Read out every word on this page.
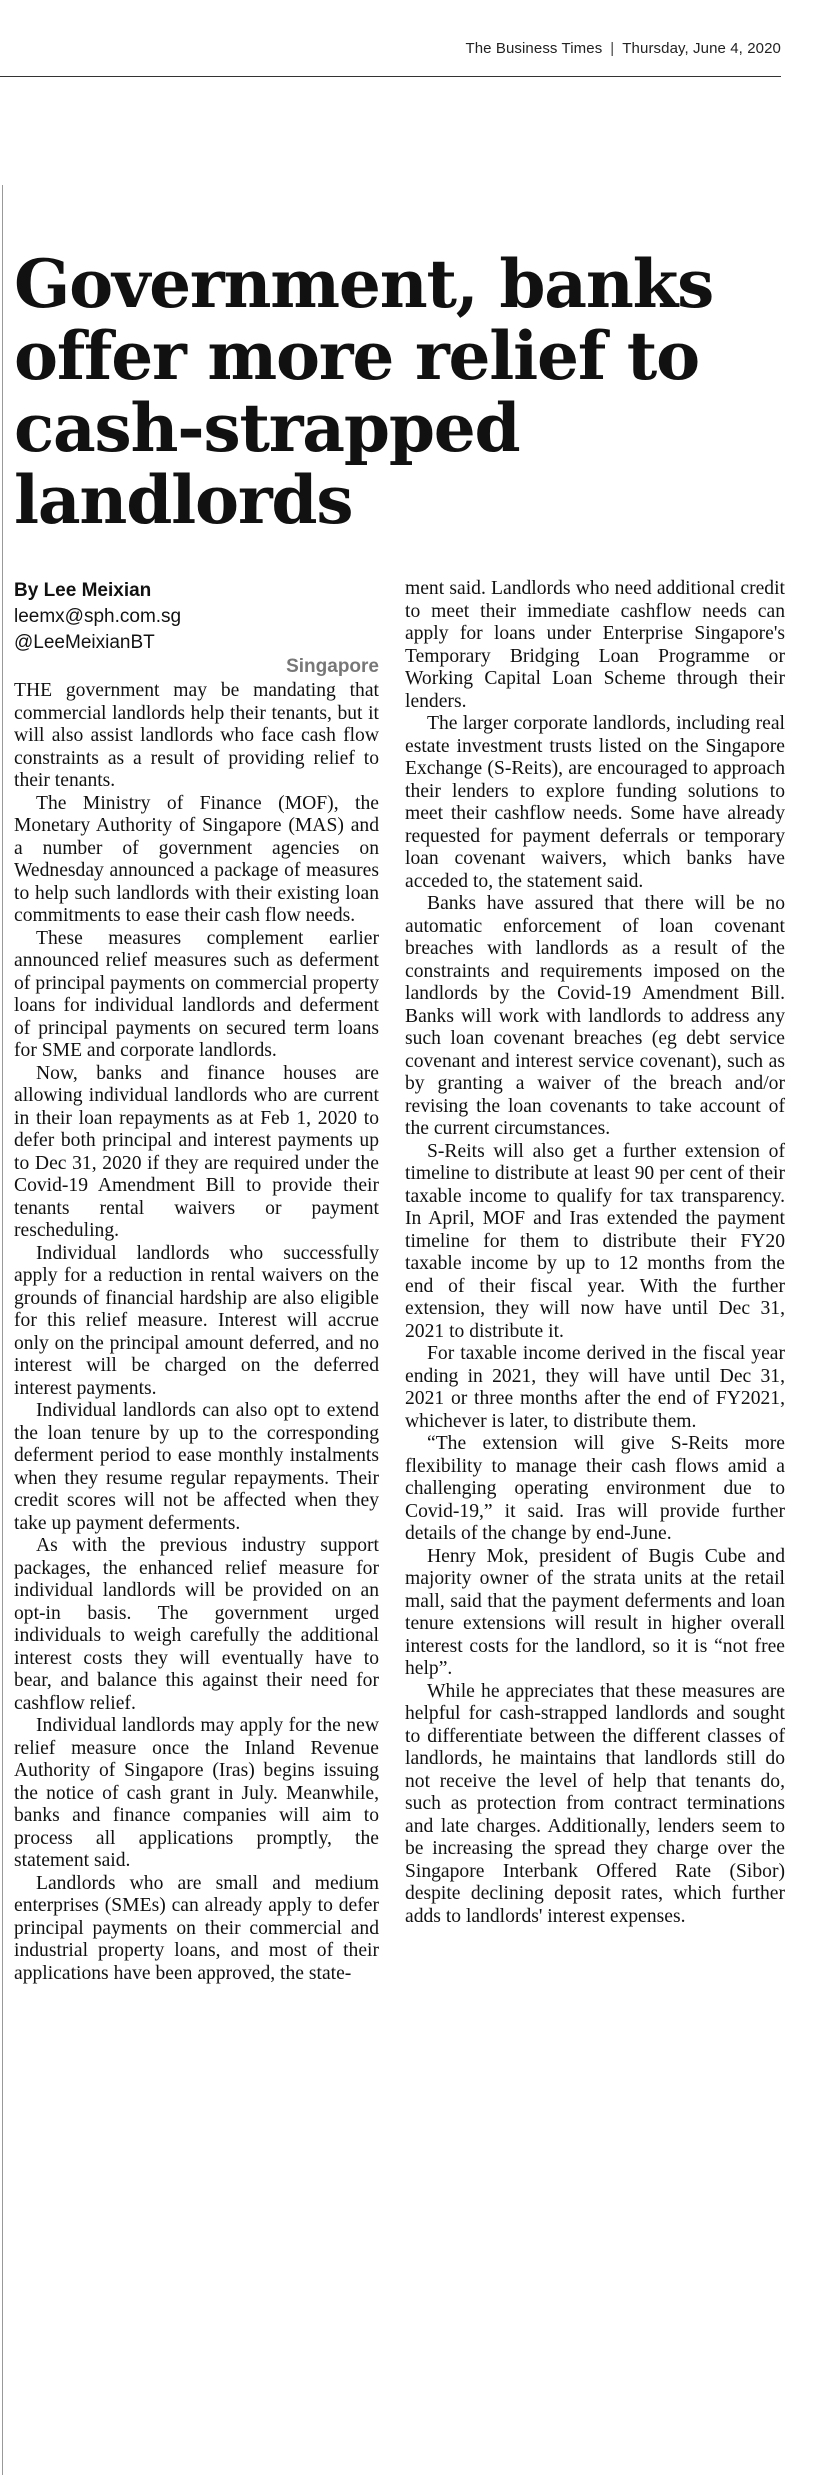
The Business Times | Thursday, June 4, 2020
Government, banks offer more relief to cash-strapped landlords
By Lee Meixian
leemx@sph.com.sg
@LeeMeixianBT
Singapore

THE government may be mandating that commercial landlords help their tenants, but it will also assist landlords who face cash flow constraints as a result of providing relief to their tenants.

The Ministry of Finance (MOF), the Monetary Authority of Singapore (MAS) and a number of government agencies on Wednesday announced a package of measures to help such landlords with their existing loan commitments to ease their cash flow needs.

These measures complement earlier announced relief measures such as deferment of principal payments on commercial property loans for individual landlords and deferment of principal payments on secured term loans for SME and corporate landlords.

Now, banks and finance houses are allowing individual landlords who are current in their loan repayments as at Feb 1, 2020 to defer both principal and interest payments up to Dec 31, 2020 if they are required under the Covid-19 Amendment Bill to provide their tenants rental waivers or payment rescheduling.

Individual landlords who successfully apply for a reduction in rental waivers on the grounds of financial hardship are also eligible for this relief measure. Interest will accrue only on the principal amount deferred, and no interest will be charged on the deferred interest payments.

Individual landlords can also opt to extend the loan tenure by up to the corresponding deferment period to ease monthly instalments when they resume regular repayments. Their credit scores will not be affected when they take up payment deferments.

As with the previous industry support packages, the enhanced relief measure for individual landlords will be provided on an opt-in basis. The government urged individuals to weigh carefully the additional interest costs they will eventually have to bear, and balance this against their need for cashflow relief.

Individual landlords may apply for the new relief measure once the Inland Revenue Authority of Singapore (Iras) begins issuing the notice of cash grant in July. Meanwhile, banks and finance companies will aim to process all applications promptly, the statement said.

Landlords who are small and medium enterprises (SMEs) can already apply to defer principal payments on their commercial and industrial property loans, and most of their applications have been approved, the state-

ment said. Landlords who need additional credit to meet their immediate cashflow needs can apply for loans under Enterprise Singapore's Temporary Bridging Loan Programme or Working Capital Loan Scheme through their lenders.

The larger corporate landlords, including real estate investment trusts listed on the Singapore Exchange (S-Reits), are encouraged to approach their lenders to explore funding solutions to meet their cashflow needs. Some have already requested for payment deferrals or temporary loan covenant waivers, which banks have acceded to, the statement said.

Banks have assured that there will be no automatic enforcement of loan covenant breaches with landlords as a result of the constraints and requirements imposed on the landlords by the Covid-19 Amendment Bill. Banks will work with landlords to address any such loan covenant breaches (eg debt service covenant and interest service covenant), such as by granting a waiver of the breach and/or revising the loan covenants to take account of the current circumstances.

S-Reits will also get a further extension of timeline to distribute at least 90 per cent of their taxable income to qualify for tax transparency. In April, MOF and Iras extended the payment timeline for them to distribute their FY20 taxable income by up to 12 months from the end of their fiscal year. With the further extension, they will now have until Dec 31, 2021 to distribute it.

For taxable income derived in the fiscal year ending in 2021, they will have until Dec 31, 2021 or three months after the end of FY2021, whichever is later, to distribute them.

“The extension will give S-Reits more flexibility to manage their cash flows amid a challenging operating environment due to Covid-19,” it said. Iras will provide further details of the change by end-June.

Henry Mok, president of Bugis Cube and majority owner of the strata units at the retail mall, said that the payment deferments and loan tenure extensions will result in higher overall interest costs for the landlord, so it is “not free help”.

While he appreciates that these measures are helpful for cash-strapped landlords and sought to differentiate between the different classes of landlords, he maintains that landlords still do not receive the level of help that tenants do, such as protection from contract terminations and late charges. Additionally, lenders seem to be increasing the spread they charge over the Singapore Interbank Offered Rate (Sibor) despite declining deposit rates, which further adds to landlords' interest expenses.
